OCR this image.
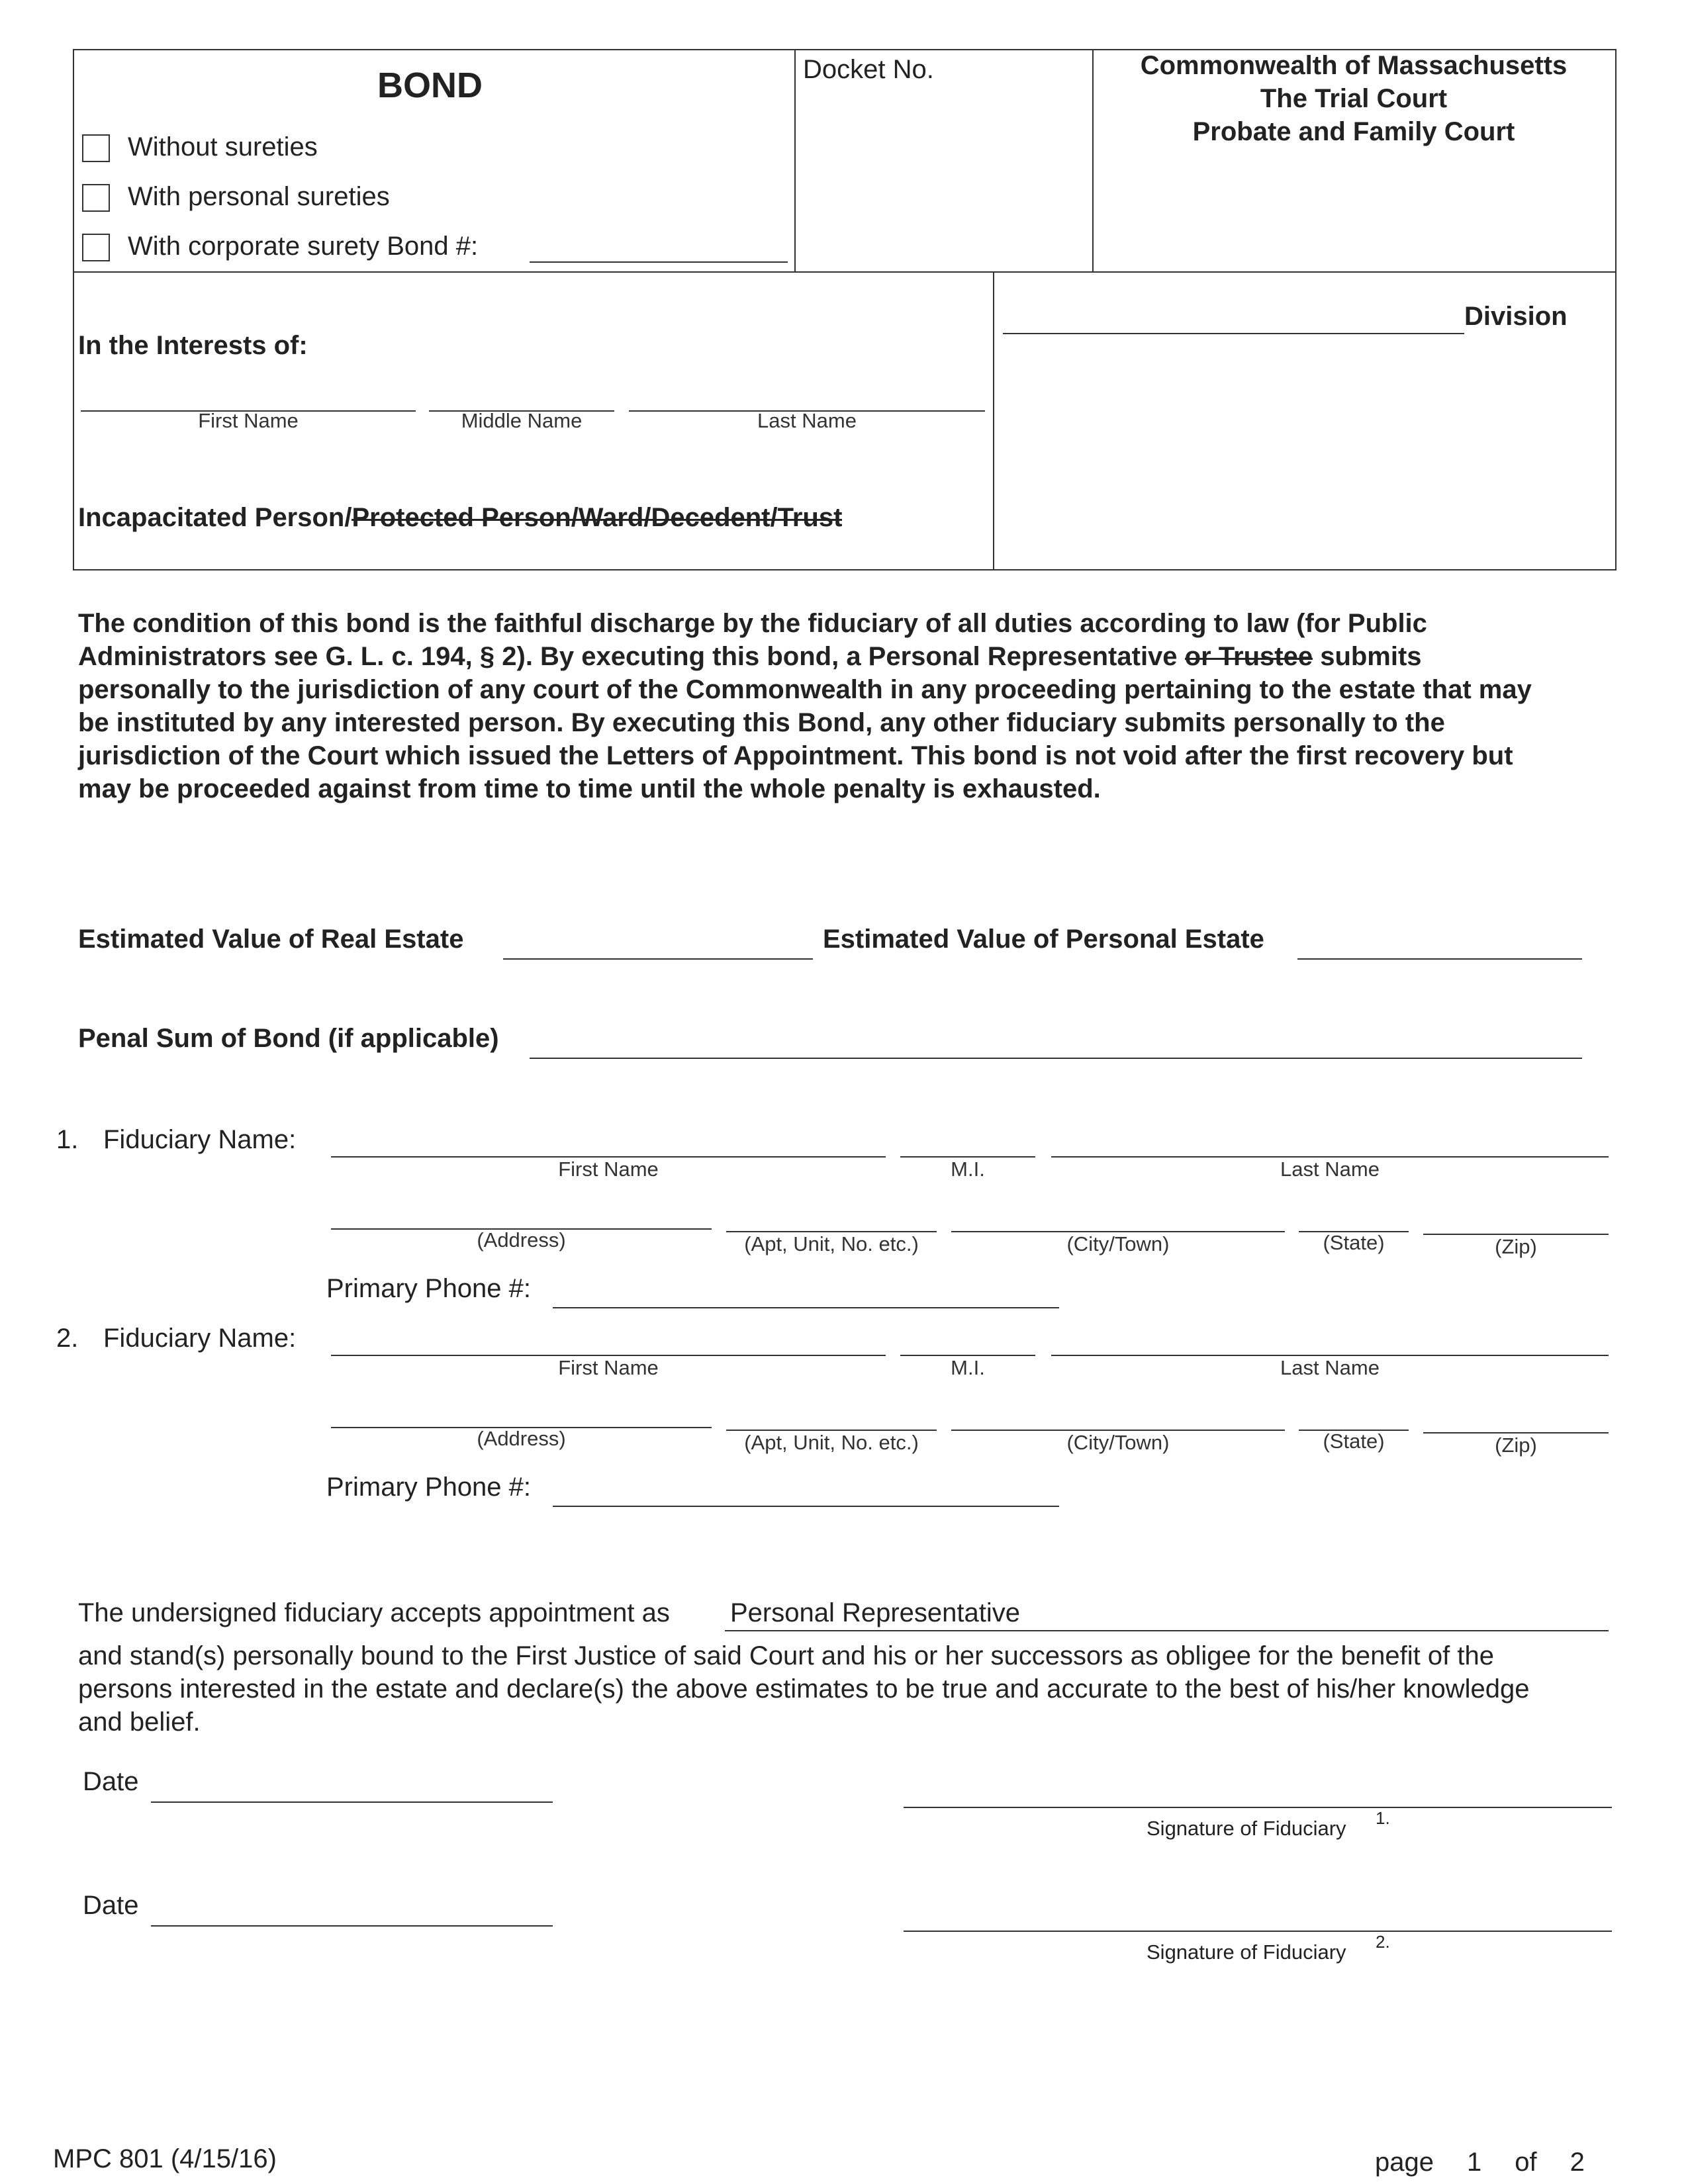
BOND
Without sureties
With personal sureties
With corporate surety Bond #:
Docket No.	Commonwealth of Massachusetts
The Trial Court
Probate and Family Court
Division
In the Interests of:
First Name	Middle Name	Last Name
Incapacitated Person/Protected Person/Ward/Decedent/Trust
The condition of this bond is the faithful discharge by the fiduciary of all duties according to law (for Public
Administrators see G. L. c. 194, § 2). By executing this bond, a Personal Representative or Trustee submits
personally to the jurisdiction of any court of the Commonwealth in any proceeding pertaining to the estate that may
be instituted by any interested person. By executing this Bond, any other fiduciary submits personally to the
jurisdiction of the Court which issued the Letters of Appointment. This bond is not void after the first recovery but
may be proceeded against from time to time until the whole penalty is exhausted.
Estimated Value of Real Estate	Estimated Value of Personal Estate
Penal Sum of Bond (if applicable)
1. Fiduciary Name:
First Name	M.I.	Last Name
(Address)	(Apt, Unit, No. etc.)	(City/Town)	(State)	(Zip)
Primary Phone #:
2. Fiduciary Name:
First Name	M.I.	Last Name
(Address)	(Apt, Unit, No. etc.)	(City/Town)	(State)	(Zip)
Primary Phone #:
The undersigned fiduciary accepts appointment as Personal Representative
and stand(s) personally bound to the First Justice of said Court and his or her successors as obligee for the benefit of the
persons interested in the estate and declare(s) the above estimates to be true and accurate to the best of his/her knowledge
and belief.
Date
Signature of Fiduciary 1.
Date
Signature of Fiduciary 2.
MPC 801 (4/15/16)	page 1 of 2
